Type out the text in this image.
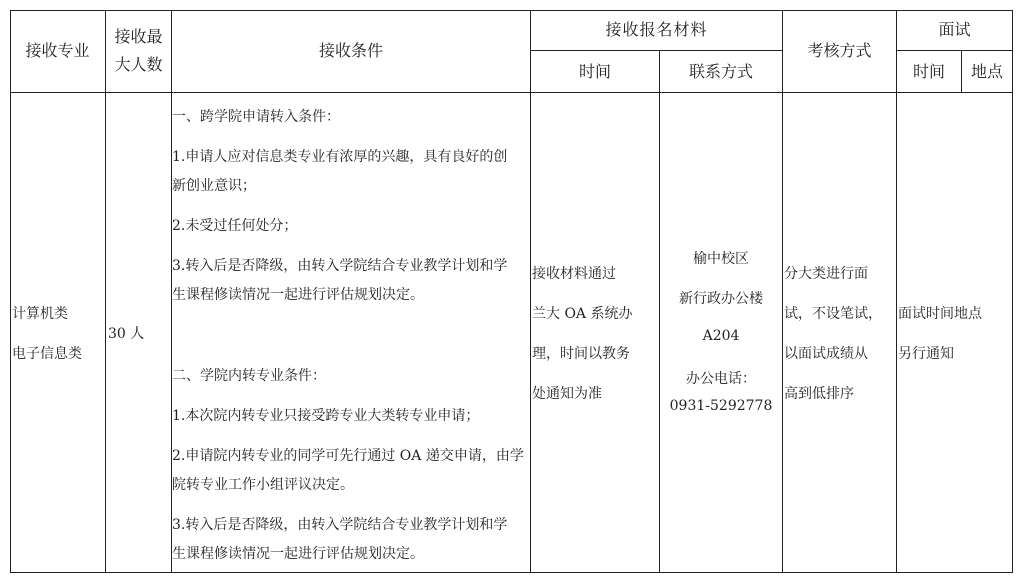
接收专业
接收最
大人数
接收条件
接收报名材料
时间	联系方式
考核方式
面试
时间 地点
计算机类
电子信息类
30 人
一、跨学院申请转入条件：
1.申请人应对信息类专业有浓厚的兴趣，具有良好的创
新创业意识；
2.未受过任何处分；
3.转入后是否降级，由转入学院结合专业教学计划和学
生课程修读情况一起进行评估规划决定。
二、学院内转专业条件：
1.本次院内转专业只接受跨专业大类转专业申请；
2.申请院内转专业的同学可先行通过 OA 递交申请，由学
院转专业工作小组评议决定。
3.转入后是否降级，由转入学院结合专业教学计划和学
生课程修读情况一起进行评估规划决定。
接收材料通过
兰大 OA 系统办
理，时间以教务
处通知为准
榆中校区
新行政办公楼
A204
办公电话：
0931-5292778
分大类进行面
试，不设笔试，
以面试成绩从
高到低排序
面试时间地点
另行通知
